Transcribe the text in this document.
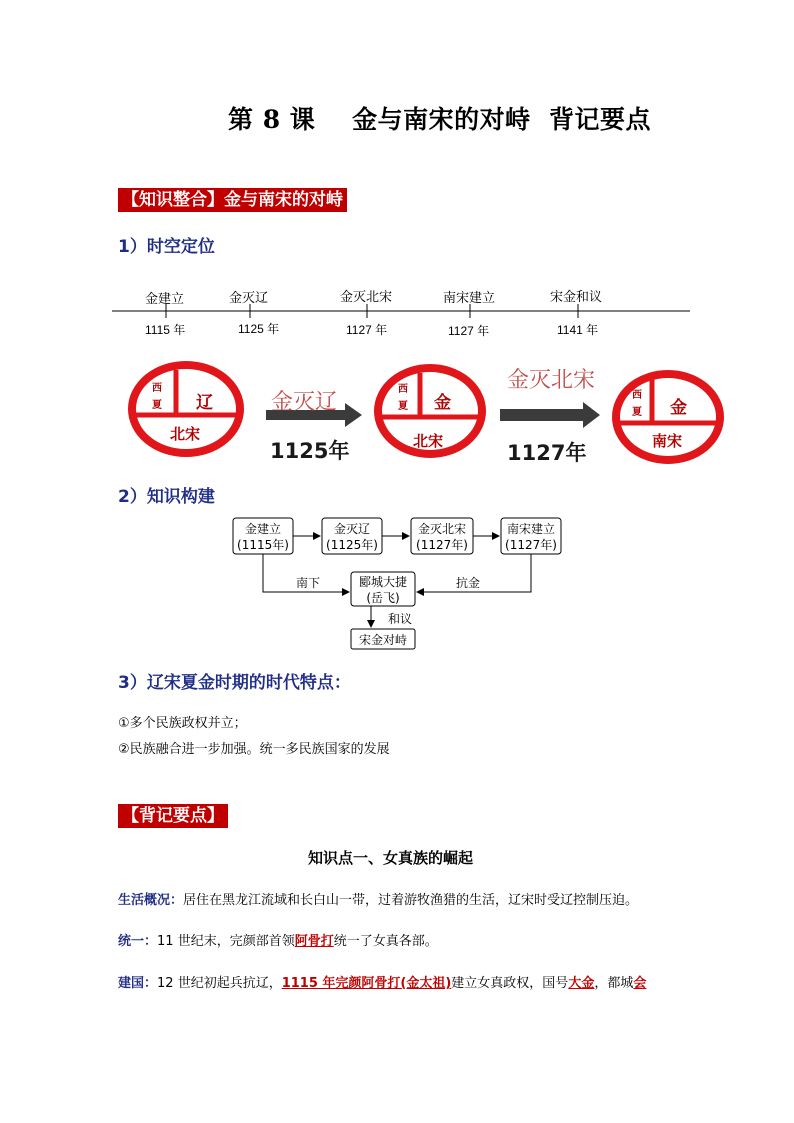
第 8 课    金与南宋的对峙  背记要点
【知识整合】金与南宋的对峙
1）时空定位
金建立	金灭辽	金灭北宋	南宋建立	宋金和议
1115 年	1125 年	1127 年	1127 年	1141 年
西
夏 辽
北宋
金灭辽
1125年
西
夏 金
北宋
金灭北宋
1127年
西
夏 金
南宋
2）知识构建
金建立
(1115年)
金灭辽
(1125年)
金灭北宋
(1127年)
南宋建立
(1127年)
郾城大捷
(岳飞)
南下	抗金
和议
宋金对峙
3）辽宋夏金时期的时代特点：
①多个民族政权并立；
②民族融合进一步加强。统一多民族国家的发展
【背记要点】
知识点一、女真族的崛起
生活概况：居住在黑龙江流域和长白山一带，过着游牧渔猎的生活，辽宋时受辽控制压迫。
统一：11 世纪末，完颜部首领阿骨打统一了女真各部。
建国：12 世纪初起兵抗辽，1115 年完颜阿骨打(金太祖)建立女真政权，国号大金，都城会
